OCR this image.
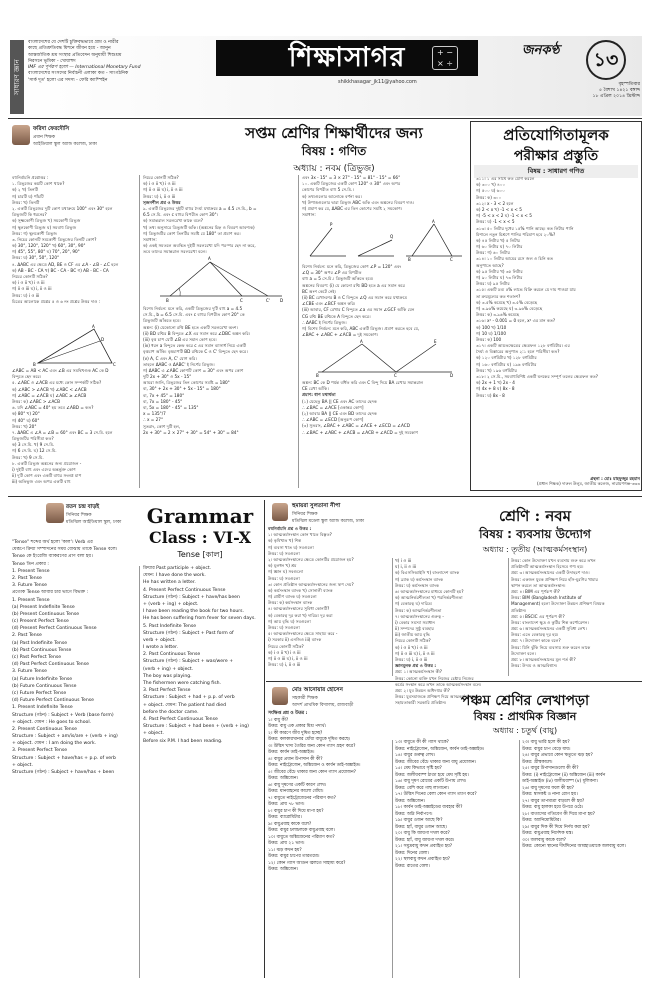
সাধারণ জ্ঞান
বাংলাদেশের যে দেশটি চুক্তিবদ্ধভাবে গ্রাম ও নারীর
কাছে প্রতিশ্রুতিবদ্ধ মিশনে জীবন হয়ে - জানুন
আন্তর্জাতিক শ্রম সংস্থার প্রতিবেদন অনুযায়ী শিশুশ্রম
নিরসনে ভূমিকা - খোয়াহুদ
IMF এর পূর্ণরূপ হলো — International Monetary Fund
বাংলাদেশের সংসদের নির্বাচনী এলাকা কত - সাংগঠনিক
'সার্ক দূত' হলো এর সদস্য - ফেরি ক্যাম্পিইন
শিক্ষাসাগর	+ −
× ÷
shikkhasagar_jk11@yahoo.com
জনকণ্ঠ	১৩
বৃহস্পতিবার
৫ বৈশাখ ১৪২১ বঙ্গাব্দ
১৮ এপ্রিল ২০১৪ খ্রিস্টাব্দ
ফরিদা ফেরদৌসি
প্রধান শিক্ষক
আইডিয়াল স্কুল অ্যান্ড কলেজ, ঢাকা
সপ্তম শ্রেণির শিক্ষার্থীদের জন্য
বিষয় : গণিত
অধ্যায় : নবম (ত্রিভুজ)

বহুনির্বাচনি প্রশ্নোত্তর :

১. ত্রিভুজের কয়টি কোণ থাকে?

ক) ২ খ) তিনটি

গ) চারটি ঘ) পাঁচটি

উত্তর: খ) তিনটি

২. একটি ত্রিভুজের দুটি কোণ যথাক্রমে 100° এবং 30° হলে

ত্রিভুজটি কি ধরনের?

ক) সূক্ষ্মকোণী ত্রিভুজ খ) সমকোণী ত্রিভুজ

গ) স্থূলকোণী ত্রিভুজ ঘ) সমবাহু ত্রিভুজ

উত্তর: গ) স্থূলকোণী ত্রিভুজ

৩. নিচের কোনটি সমকোণী ত্রিভুজের তিনটি কোণ?

ক) 30°, 120°, 120° খ) 60°, 30°, 90°

গ) 45°, 55°, 80° ঘ) 70°, 20°, 90°

উত্তর: ঘ) 30°, 50°, 120°

৪. ΔABC এর ক্ষেত্রে AD, BE ও CF এর ∠A - ∠B - ∠C হলে

ক) AB - BC - CA খ) BC - CA - BC গ) AB - BC - CA

নিচের কোনটি সঠিক?

ক) i ও ii খ) i ও iii

গ) ii ও iii ঘ) i, ii ও iii

উত্তর: ঘ) i ও iii

চিত্রের আলোকে প্রশ্নের ৫ ও ৬ নং প্রশ্নের উত্তর দাও :

A
B	C
D

∠ABC = AB < AC এবং ∠B এর সমদ্বিখণ্ডক AC কে D

বিন্দুতে ছেদ করে।

৫. ∠ABC ও ∠ACB এর মধ্যে কোন সম্পর্কটি সঠিক?

ক) ∠ABC > ∠ACB খ) ∠ABC < ∠ACB

গ) ∠ABC = ∠ACB ঘ) ∠ABC ≥ ∠ACB

উত্তর: ক) ∠ABC > ∠ACB

৬. যদি ∠ABC = 40° হয় তবে ∠ABD = কত?

ক) 80° খ) 20°

গ) 40° ঘ) 60°

উত্তর: খ) 20°

৭. ΔABC এ ∠A = ∠B = 60° এবং BC = 3 সে.মি. হলে

ত্রিভুজটির পরিসীমা কত?

ক) 3 সে.মি. খ) 9 সে.মি.

গ) 6 সে.মি. ঘ) 12 সে.মি.

উত্তর: খ) 9 সে.মি.

৮. একটি ত্রিভুজ অঙ্কনের জন্য প্রয়োজন -

i) দুইটি বাহু এবং এদের অন্তর্ভুক্ত কোণ

ii) দুটি কোণ এবং একটি বাহুর সংলগ্ন মাপ

iii) অতিভুজ এবং অপর একটি বাহু

নিচের কোনটি সঠিক?

ক) i ও ii খ) i ও iii

গ) ii ও iii ঘ) i, ii ও iii

উত্তর: ঘ) i, ii ও iii

সৃজনশীল প্রশ্ন ও উত্তর

৯. একটি ত্রিভুজের দুইটি বাহুর দৈর্ঘ্য যথাক্রমে a = 4.5 সে.মি., b =

6.5 সে.মি. এবং c বাহুর বিপরীত কোণ 30°।

ক) সমান্তরাল সরলরেখা কাকে বলে?

খ) তথ্য অনুসারে ত্রিভুজটি আঁক। (অঙ্কনের চিহ্ন ও বিবরণ আবশ্যক)

গ) ত্রিভুজটির কোণ তিনটির সমষ্টি যে 180° তা প্রমাণ কর।

সমাধান:

ক) একই সমতলে অবস্থিত দুইটি সরলরেখা যদি পরস্পর ছেদ না করে,

তবে তাদের সমান্তরাল সরলরেখা বলে।

A
B	C	C'	D

বিশেষ নির্বচন: মনে করি, একটি ত্রিভুজের দুটি বাহু a = 4.5

সে.মি., b = 6.5 সে.মি. এবং c বাহুর বিপরীত কোণ 20° কে

ত্রিভুজটি আঁকতে হবে।

অঙ্কন: (i) যেকোনো রশ্মি BE হতে একটি সরলরেখা অংশ।

(ii) BD রশ্মির B বিন্দুতে ∠X এর সমান করে ∠DBC অঙ্কন করি।

(iii) বৃত্ত চাপ যেটি ∠B এর সমান কোণ হবে।

(iv) ধরন a বিন্দুতে কেন্দ্র করে c এর সমান ব্যাসার্ধ নিয়ে একটি

বৃত্তচাপ আঁকি। বৃত্তচাপটি BD রশ্মিকে C ও C' বিন্দুতে ছেদ করে।

(v) A, C এবং A, C' যোগ করি।

তাহলে ΔABC ও ΔABC' ই নির্ণেয় ত্রিভুজ।

গ) ΔABC এ ∠ABC কোণটি কোণ = 30° এবং অপর কোণ

দুটি 2x + 30° ও 5x - 15°

আমরা জানি, ত্রিভুজের তিন কোণের সমষ্টি = 180°

বা, 30° + 2x + 30° + 5x - 15° = 180°

বা, 7x + 45° = 180°

বা, 7x = 180° - 45°

বা, 5x = 180° - 45° = 135°

x = 135°/7

∴ x = 27°

সুতরাং, কোণ দুটি হল,

2x + 30° = 2 × 27° + 30° = 54° + 30° = 84°

এবং 3x - 15° = 3 × 27° - 15° = 81° - 15° = 66°

১০. একটি ত্রিভুজের একটি কোণ 120° ও 30° এবং অপর

কোণের বিপরীত বাহু 5 সে.মি.।

ক) তথ্যগুলোর আলোকে বর্ণনা কর।

খ) উপাত্তগুলোর দ্বারা ত্রিভুজ ABC আঁক এবং অঙ্কনের বিবরণ দাও।

গ) প্রমাণ কর যে, ΔABC এর তিন কোণের সমষ্টি ২ সমকোণ।

সমাধান:

P
Q
A
B	C

বিশেষ নির্বচন: মনে করি, ত্রিভুজের কোণ ∠P = 120° এবং

∠Q = 30° অপর ∠P এর বিপরীত

বাহু a = 5 সে.মি.। ত্রিভুজটি আঁকতে হবে।

অঙ্কনের বিবরণ: (i) যে কোনো রশ্মি BD হতে a এর সমান করে

BC অংশ কেটে নেই।

(ii) BC রেখাংশের B ও C বিন্দুতে ∠Q এর সমান করে যথাক্রমে

∠CBE এবং ∠BCF অঙ্কন করি।

(iii) আবার, CF রেখার C বিন্দুতে ∠a এর সমান ∠GCF আঁকি যেন

CG রশ্মি BE রশ্মিকে A বিন্দুতে ছেদ করে।

∴ ΔABC ই নির্ণেয় ত্রিভুজ।

গ) বিশেষ নির্বচন: মনে করি, ABC একটি ত্রিভুজ। প্রমাণ করতে হবে যে,

∠BAC + ∠ABC + ∠ACB = দুই সমকোণ।

A
B	C
E
D

অঙ্কন: BC কে D পর্যন্ত বর্ধিত করি এবং C বিন্দু দিয়ে BA রেখার সমান্তরাল

CE রেখা আঁকি।

প্রমাণ: ধাপ যথার্থতা

(১) যেহেতু BA || CE এবং AC তাদের ছেদক

∴ ∠BAC = ∠ACE [একান্তর কোণ]

(২) আবার BA || CE এবং BD তাদের ছেদক

∴ ∠ABC = ∠ECD [অনুরূপ কোণ]

(৩) সুতরাং, ∠BAC + ∠ABC = ∠ACE + ∠ECD = ∠ACD

∴ ∠BAC + ∠ABC + ∠ACB = ∠ACB + ∠ACD = দুই সমকোণ

প্রতিযোগিতামূলক
পরীক্ষার প্রস্তুতি
বিষয় : সাধারণ গণিত

৩১১। ১ এর সাথে কত যোগ করলে

ক) ৩০০ খ) ৪০০

গ) ৫০০ ঘ) ৬০০

উত্তর: ক) ৩০০

৩১২। x - 3 < 2 হলে

ক) 2 < x খ) -1 < x < 5

গ) -5 < x < 2 ঘ) -1 < x < 5

উত্তর: ঘ) -1 < x < 5

৩১৩। ৫০ লিটার দুধের ১৫% পানি আছে। কত লিটার পানি

মিশালে নতুন মিশ্রণে পানির পরিমাণ হবে ২০%?

ক) ৪৫ লিটার খ) ৫ লিটার

গ) ৬০ লিটার ঘ) ৭০ লিটার

উত্তর: গ) ৬০ লিটার

৩১৪। ১০ লিটার আমের রসে জল ও চিনি কত

অনুপাতে আছে?

ক) ৯৫ লিটার খ) ৩৫ লিটার

গ) ৯০ লিটার ঘ) ৭৩ লিটার

উত্তর: ঘ) ৯৫ লিটার

৩১৫। একটি দ্রব্য ৫% লাভে বিক্রি করলে যে দাম পাওয়া যায়

তা ক্রয়মূল্যের কত শতাংশ?

ক) ৩.৫% কমেছে খ) ৩.৫% বেড়েছে

গ) ৩.৯৬% কমেছে ঘ) ৩.৯৬% বেড়েছে

উত্তর: ক) ৩.৯৬% কমেছে

৩১৬। x² - 0.001 = 0 হলে, x² এর মান কত?

ক) 100 খ) 1/10

গ) 10 ঘ) 1/100

উত্তর: ক) 100

৩১৭। একটি আয়তক্ষেত্রের ক্ষেত্রফল ১২৮ বর্গমিটার। এর

দৈর্ঘ্য ও বিস্তারের অনুপাত ২:১ হলে পরিসীমা কত?

ক) ১২০ বর্গমিটার খ) ১২৮ বর্গমিটার

গ) ১৬০ বর্গমিটার ঘ) ১৯৬ বর্গমিটার

উত্তর: খ) ১৯৬ বর্গমিটার

৩১৮। ২ সে.মি., সমবাহুবিশিষ্ট একটি ঘনকের সম্পূর্ণ তলের ক্ষেত্রফল কত?

ক) 2x + 1 খ) 2x - 4

গ) 4x + 8 ঘ) 8x - 8

উত্তর: ঘ) 8x - 8

গ্রন্থনা : মোঃ মাহফুজুর রহমান
(প্রধান শিক্ষক) দারুল উলুম, জাতীয় কলেজ, নারায়ণগঞ্জ-৩৩৩
রতন চন্দ্র বাড়ই
সিনিয়র শিক্ষক
মতিঝিল আইডিয়াল স্কুল, ঢাকা	Grammar
Class : VI-X
Tense [কাল]

"Tense" শব্দের অর্থ হলো 'কাল'। Verb এর

যেরূপে ক্রিয়া সম্পাদনের সময় বোঝায় তাকে Tense বলে।

Tense কে ইংরেজি ব্যাকরণের প্রাণ বলা হয়।

Tense তিন প্রকার :

1. Present Tense

2. Past Tense

3. Future Tense

প্রত্যেক Tense আবার চার ভাগে বিভক্ত :

1. Present Tense

(a) Present Indefinite Tense

(b) Present Continuous Tense

(c) Present Perfect Tense

(d) Present Perfect Continuous Tense

2. Past Tense

(a) Past Indefinite Tense

(b) Past Continuous Tense

(c) Past Perfect Tense

(d) Past Perfect Continuous Tense

3. Future Tense

(a) Future Indefinite Tense

(b) Future Continuous Tense

(c) Future Perfect Tense

(d) Future Perfect Continuous Tense

1. Present Indefinite Tense

Structure (গঠন) : Subject + Verb (base form)

+ object. যেমন : He goes to school.

2. Present Continuous Tense

Structure : Subject + am/is/are + (verb + ing)

+ object. যেমন : I am doing the work.

3. Present Perfect Tense

Structure : Subject + have/has + p.p. of verb

+ object.

Structure (গঠন) : Subject + have/has + been

ক্রিয়ার Past participle + object.

যেমন: I have done the work.

He has written a letter.

4. Present Perfect Continuous Tense

Structure (গঠন) : Subject + have/has been

+ (verb + ing) + object.

I have been reading the book for two hours.

He has been suffering from fever for seven days.

5. Past Indefinite Tense

Structure (গঠন) : Subject + Past form of

verb + object.

I wrote a letter.

2. Past Continuous Tense

Structure (গঠন) : Subject + was/were +

(verb + ing) + object.

The boy was playing.

The fishermen were catching fish.

3. Past Perfect Tense

Structure : Subject + had + p.p. of verb

+ object. যেমন: The patient had died

before the doctor came.

4. Past Perfect Continuous Tense

Structure : Subject + had been + (verb + ing)

+ object.

Before six P.M. I had been reading.

হুমায়রা সুলতানা নীপা
সিনিয়র শিক্ষক
মতিঝিল মডেল স্কুল অ্যান্ড কলেজ, ঢাকা	শ্রেণি : নবম
বিষয় : ব্যবসায় উদ্যোগ
অধ্যায় : তৃতীয় (আত্মকর্মসংস্থান)

বহুনির্বাচনি প্রশ্ন ও উত্তর :

১। আত্মকর্মসংস্থান কোন খাতে বিস্তৃত?

ক) কৃষিখাত খ) শিল্প

গ) ব্যবসা খাত ঘ) সবগুলো

উত্তর: ঘ) সবগুলো

২। আত্মকর্মসংস্থানের ক্ষেত্রে কোনটির প্রয়োজন হয়?

ক) মূলধন খ) শ্রম

গ) জ্ঞান ঘ) সবগুলো

উত্তর: ঘ) সবগুলো

৩। কোন প্রতিষ্ঠান আত্মকর্মসংস্থানের জন্য ঋণ দেয়?

ক) কর্মসংস্থান ব্যাংক খ) সোনালী ব্যাংক

গ) গ্রামীণ ব্যাংক ঘ) সবগুলো

উত্তর: ক) কর্মসংস্থান ব্যাংক

৪। আত্মকর্মসংস্থানের সুবিধা কোনটি?

ক) বেকারত্ব দূর করা খ) দারিদ্র্য দূর করা

গ) আয় বৃদ্ধি ঘ) সবগুলো

উত্তর: ঘ) সবগুলো

৫। আত্মকর্মসংস্থানের ক্ষেত্রে সাহায্য করে -

i) সরকার ii) এনজিও iii) ব্যাংক

নিচের কোনটি সঠিক?

ক) i ও ii খ) i ও iii

গ) ii ও iii ঘ) i, ii ও iii

উত্তর: ঘ) i, ii ও iii

খ) i ও iii

ঘ) i, ii ও iii

ক) বিএসসিআইসি খ) বাংলাদেশ ব্যাংক

গ) ব্র্যাক ঘ) কর্মসংস্থান ব্যাংক

উত্তর: ঘ) কর্মসংস্থান ব্যাংক

৬। আত্মকর্মসংস্থানের মাধ্যমে কোনটি হয়?

ক) আত্মনির্ভরশীলতা খ) পরনির্ভরশীলতা

গ) বেকারত্ব ঘ) দারিদ্র্য

উত্তর: ক) আত্মনির্ভরশীলতা

৭। আত্মকর্মসংস্থানের গুরুত্ব -

i) বেকার সমস্যা সমাধান

ii) সম্পদের সুষ্ঠু ব্যবহার

iii) জাতীয় আয় বৃদ্ধি

নিচের কোনটি সঠিক?

ক) i ও ii খ) i ও iii

গ) ii ও iii ঘ) i, ii ও iii

উত্তর: ঘ) i, ii ও iii

জ্ঞানমূলক প্রশ্ন ও উত্তর :

প্রশ্ন: ১। আত্মকর্মসংস্থান কী?

উত্তর: কোনো ব্যক্তি যখন নিজের চেষ্টায় নিজের

কর্মের সংস্থান করে তখন তাকে আত্মকর্মসংস্থান বলে।

প্রশ্ন: ২। যুব উন্নয়ন অধিদপ্তর কী?

উত্তর: যুবসমাজকে প্রশিক্ষণ দিয়ে আত্মকর্মসংস্থানে

সহায়তাকারী সরকারি প্রতিষ্ঠান।

উত্তর: কোন উদ্যোক্তা যখন ব্যবসায় শুরু করে তখন

প্রতিষ্ঠানটি আত্মকর্মসংস্থান হিসেবে গণ্য হয়।

প্রশ্ন: ৩। আত্মকর্মসংস্থানের একটি উদাহরণ দাও।

উত্তর: একজন যুবক প্রশিক্ষণ নিয়ে হাঁস-মুরগির খামার

স্থাপন করলে তা আত্মকর্মসংস্থান।

প্রশ্ন: ৪। BIM এর পূর্ণরূপ কী?

উত্তর: BIM (Bangladesh Institute of

Management) হলো উদ্যোক্তা উন্নয়ন প্রশিক্ষণ বিষয়ক

প্রতিষ্ঠান।

প্রশ্ন: ৫। BSCIC এর পূর্ণরূপ কী?

উত্তর: বাংলাদেশ ক্ষুদ্র ও কুটির শিল্প কর্পোরেশন।

প্রশ্ন: ৬। আত্মকর্মসংস্থানের একটি সুবিধা লেখ।

উত্তর: এতে বেকারত্ব দূর হয়।

প্রশ্ন: ৭। উদ্যোক্তা কাকে বলে?

উত্তর: যিনি ঝুঁকি নিয়ে ব্যবসায় শুরু করেন তাকে

উদ্যোক্তা বলে।

প্রশ্ন: ৮। আত্মকর্মসংস্থানের মূল শর্ত কী?

উত্তর: উদ্যম ও আত্মবিশ্বাস।

মোঃ আনোয়ার হোসেন
সহকারী শিক্ষক
আদর্শ প্রাথমিক বিদ্যালয়, রাজবাড়ী	পঞ্চম শ্রেণির লেখাপড়া
বিষয় : প্রাথমিক বিজ্ঞান
অধ্যায় : চতুর্থ (বায়ু)

সংক্ষিপ্ত প্রশ্ন ও উত্তর :

১। বায়ু কী?

উত্তর: বায়ু এক প্রকার মিশ্র পদার্থ।

২। কী কারণে জীব দুষিত হচ্ছে?

উত্তর: কলকারখানার ধোঁয়া বায়ুকে দূষিত করছে।

৩। উদ্ভিদ খাদ্য তৈরির জন্য কোন গ্যাস গ্রহণ করে?

উত্তর: কার্বন ডাই-অক্সাইড।

৪। বায়ুর প্রধান উপাদান কী কী?

উত্তর: নাইট্রোজেন, অক্সিজেন ও কার্বন ডাই-অক্সাইড।

৫। জীবের বেঁচে থাকার জন্য কোন গ্যাস প্রয়োজন?

উত্তর: অক্সিজেন।

৬। বায়ু দূষণের একটি কারণ লেখ।

উত্তর: যানবাহনের কালো ধোঁয়া।

৭। বায়ুতে নাইট্রোজেনের পরিমাণ কত?

উত্তর: প্রায় ৭৮ ভাগ।

৮। বায়ুর চাপ কী দিয়ে মাপা হয়?

উত্তর: ব্যারোমিটার।

৯। বায়ুপ্রবাহ কাকে বলে?

উত্তর: বায়ুর চলাচলকে বায়ুপ্রবাহ বলে।

১০। বায়ুতে অক্সিজেনের পরিমাণ কত?

উত্তর: প্রায় ২১ ভাগ।

১১। ঝড় কখন হয়?

উত্তর: বায়ুর চাপের তারতম্যে।

১২। কোন গ্যাস আগুন জ্বলতে সাহায্য করে?

উত্তর: অক্সিজেন।

১৩। বায়ুতে কী কী গ্যাস থাকে?

উত্তর: নাইট্রোজেন, অক্সিজেন, কার্বন ডাই-অক্সাইড।

১৪। বায়ুর গুরুত্ব লেখ।

উত্তর: জীবের বেঁচে থাকার জন্য বায়ু প্রয়োজন।

১৫। মেঘ কিভাবে সৃষ্টি হয়?

উত্তর: জলীয়বাষ্প ঠাণ্ডা হয়ে মেঘ সৃষ্টি হয়।

১৬। বায়ু দূষণ রোধের একটি উপায় লেখ।

উত্তর: বেশি করে গাছ লাগানো।

১৭। উদ্ভিদ দিনের বেলা কোন গ্যাস ত্যাগ করে?

উত্তর: অক্সিজেন।

১৮। কার্বন ডাই-অক্সাইডের ব্যবহার কী?

উত্তর: অগ্নি নির্বাপণে।

১৯। বায়ুর ওজন আছে কি?

উত্তর: হ্যাঁ, বায়ুর ওজন আছে।

২০। বায়ু কি জায়গা দখল করে?

উত্তর: হ্যাঁ, বায়ু জায়গা দখল করে।

২১। সমুদ্রবায়ু কখন প্রবাহিত হয়?

উত্তর: দিনের বেলা।

২২। স্থলবায়ু কখন প্রবাহিত হয়?

উত্তর: রাতের বেলা।

২৩। বায়ু ভারি হলে কী হয়?

উত্তর: বায়ুর চাপ বেড়ে যায়।

২৪। বায়ুর প্রভাবে কোন ঋতুতে ঝড় হয়?

উত্তর: গ্রীষ্মকালে।

২৫। বায়ুর উপাদানগুলো কী কী?

উত্তর: (i) নাইট্রোজেন (ii) অক্সিজেন (iii) কার্বন

ডাই-অক্সাইড (iv) জলীয়বাষ্প (v) ধূলিকণা।

২৬। বায়ু দূষণের ফলে কী হয়?

উত্তর: শ্বাসকষ্ট ও নানা রোগ হয়।

২৭। বায়ুর তাপমাত্রা বাড়লে কী হয়?

উত্তর: বায়ু হালকা হয়ে উপরে ওঠে।

২৮। বাতাসের গতিবেগ কী দিয়ে মাপা হয়?

উত্তর: অ্যানিমোমিটার।

২৯। বায়ুর দিক কী দিয়ে নির্ণয় করা হয়?

উত্তর: বায়ুপ্রবাহ নির্দেশক যন্ত্র।

৩০। জলবায়ু কাকে বলে?

উত্তর: কোনো স্থানের দীর্ঘদিনের আবহাওয়াকে জলবায়ু বলে।
